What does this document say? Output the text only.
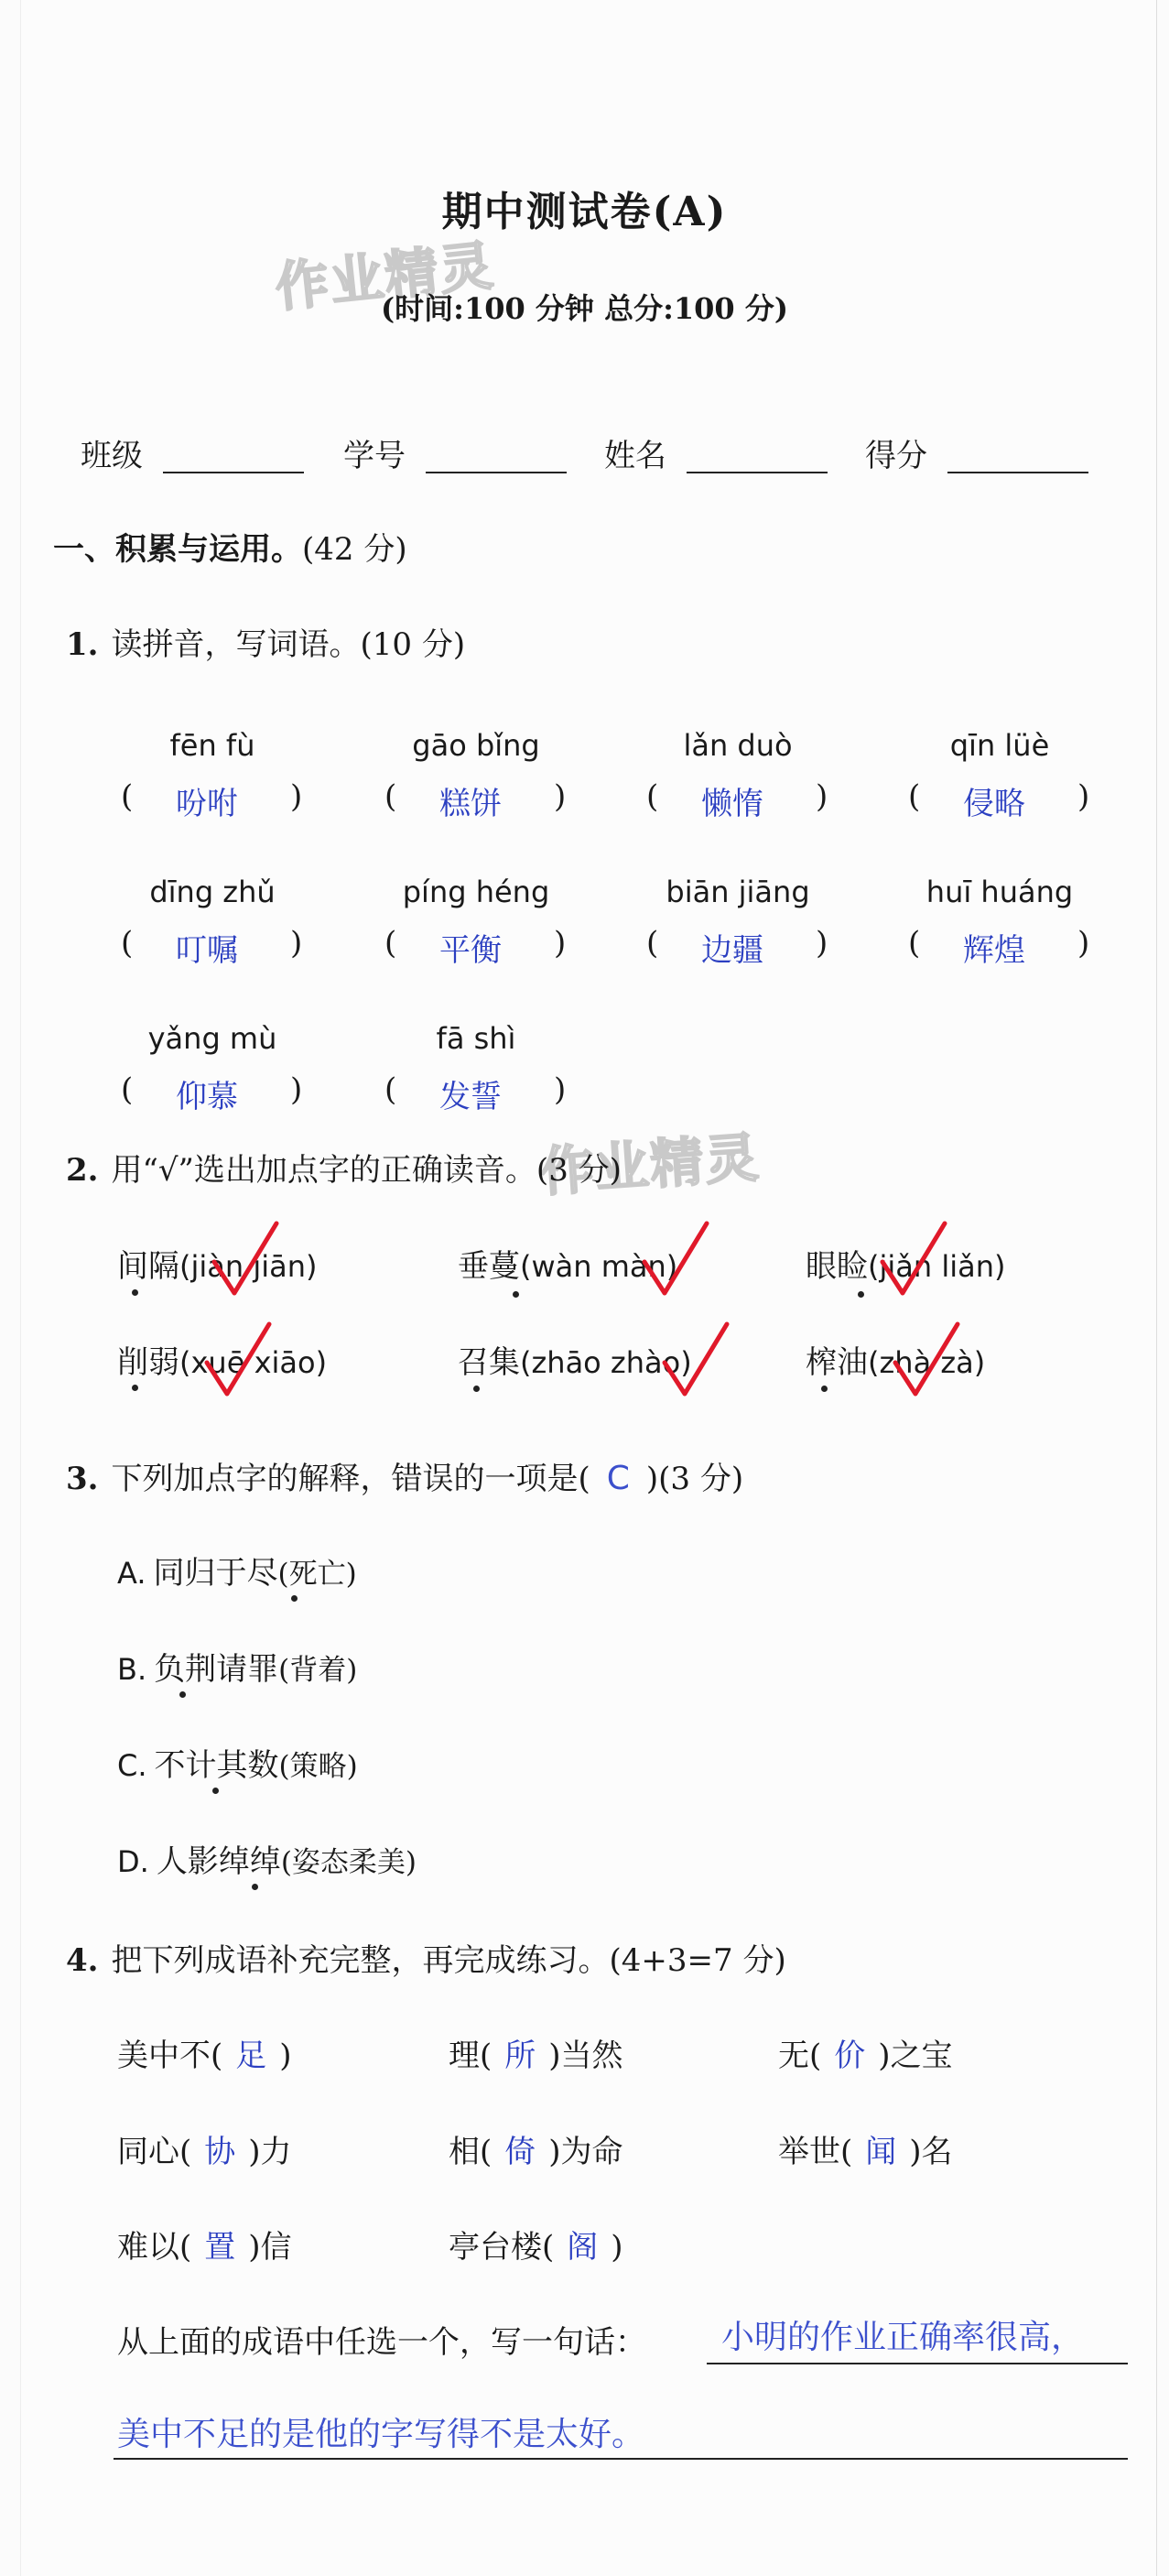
作业精灵
作业精灵
期中测试卷(A)
(时间:100 分钟 总分:100 分)
班级	学号	姓名	得分
一、积累与运用。(42 分)
1. 读拼音，写词语。(10 分)
fēn fù
( 吩咐 )
gāo bǐng
( 糕饼 )
lǎn duò
( 懒惰 )
qīn lüè
( 侵略 )
dīng zhǔ
( 叮嘱 )
píng héng
( 平衡 )
biān jiāng
( 边疆 )
huī huáng
( 辉煌 )
yǎng mù
( 仰慕 )
fā shì
( 发誓 )
2. 用“√”选出加点字的正确读音。(3 分)
间隔(jiàn jiān)	垂蔓(wàn màn)	眼睑(jiǎn liǎn)
削弱(xuē xiāo)	召集(zhāo zhào)	榨油(zhà zà)
3. 下列加点字的解释，错误的一项是( C )(3 分)
A. 同归于尽(死亡)
B. 负荆请罪(背着)
C. 不计其数(策略)
D. 人影绰绰(姿态柔美)
4. 把下列成语补充完整，再完成练习。(4+3=7 分)
美中不( 足 )	理( 所 )当然	无( 价 )之宝
同心( 协 )力	相( 倚 )为命	举世( 闻 )名
难以( 置 )信	亭台楼( 阁 )
从上面的成语中任选一个，写一句话： 小明的作业正确率很高，
美中不足的是他的字写得不是太好。
